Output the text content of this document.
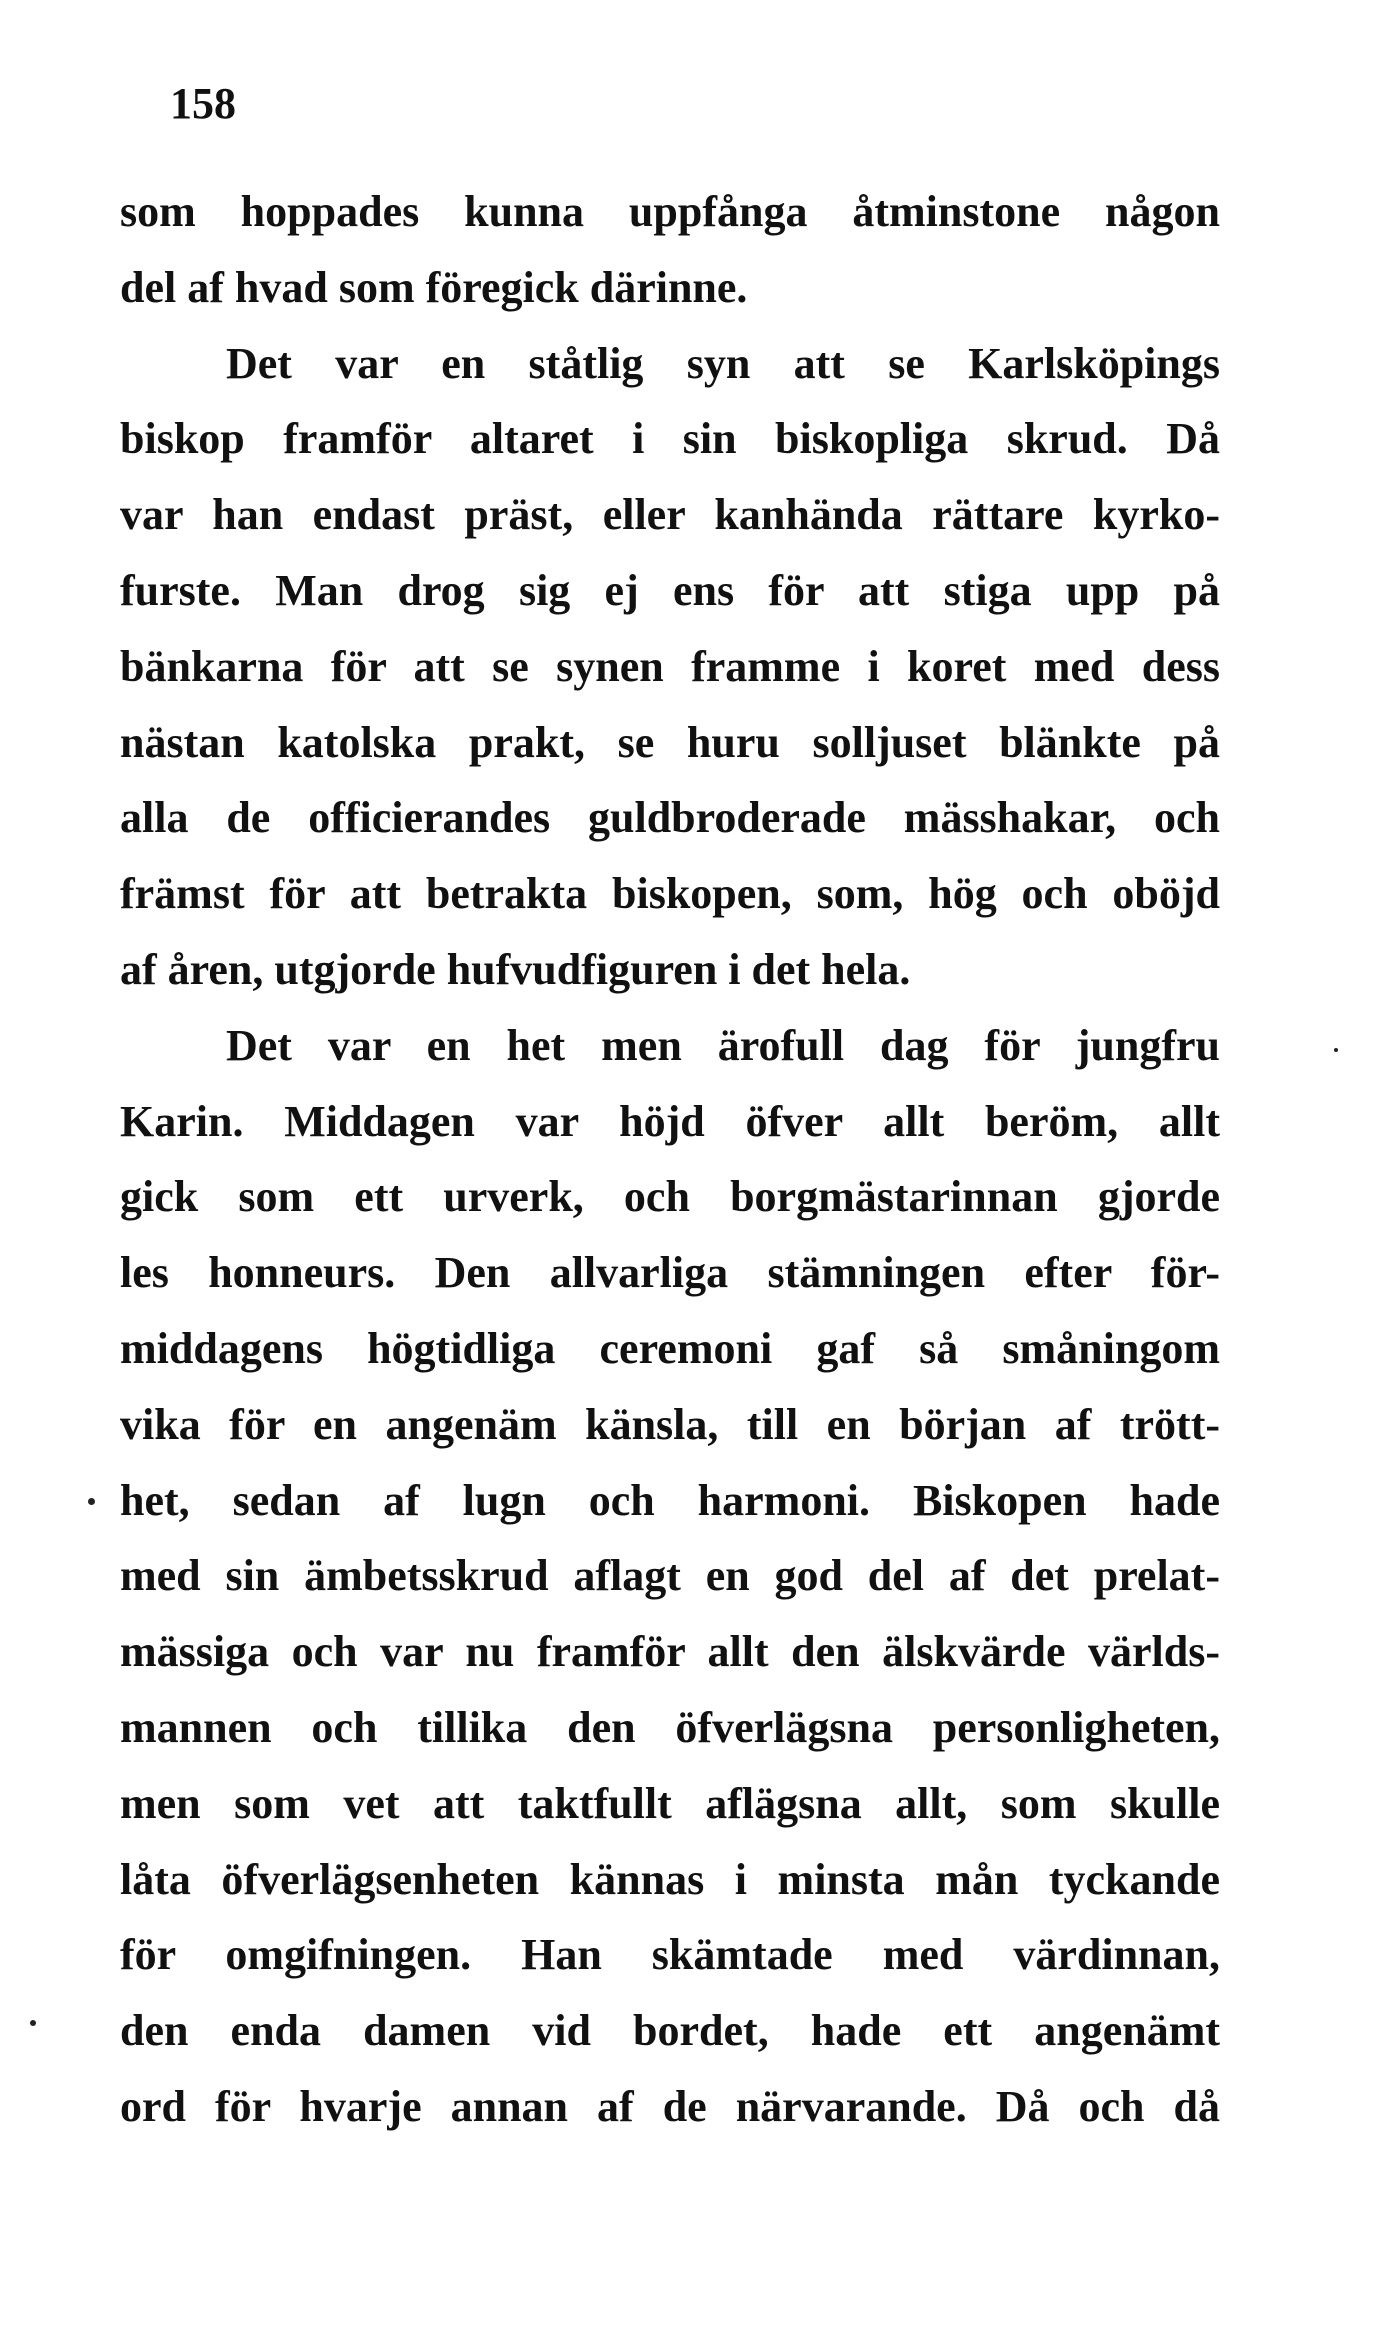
158
som hoppades kunna uppfånga åtminstone någon
del af hvad som föregick därinne.
Det var en ståtlig syn att se Karlsköpings
biskop framför altaret i sin biskopliga skrud. Då
var han endast präst, eller kanhända rättare kyrko-
furste. Man drog sig ej ens för att stiga upp på
bänkarna för att se synen framme i koret med dess
nästan katolska prakt, se huru solljuset blänkte på
alla de officierandes guldbroderade mässhakar, och
främst för att betrakta biskopen, som, hög och oböjd
af åren, utgjorde hufvudfiguren i det hela.
Det var en het men ärofull dag för jungfru
Karin. Middagen var höjd öfver allt beröm, allt
gick som ett urverk, och borgmästarinnan gjorde
les honneurs. Den allvarliga stämningen efter för-
middagens högtidliga ceremoni gaf så småningom
vika för en angenäm känsla, till en början af trött-
het, sedan af lugn och harmoni. Biskopen hade
med sin ämbetsskrud aflagt en god del af det prelat-
mässiga och var nu framför allt den älskvärde världs-
mannen och tillika den öfverlägsna personligheten,
men som vet att taktfullt aflägsna allt, som skulle
låta öfverlägsenheten kännas i minsta mån tyckande
för omgifningen. Han skämtade med värdinnan,
den enda damen vid bordet, hade ett angenämt
ord för hvarje annan af de närvarande. Då och då
